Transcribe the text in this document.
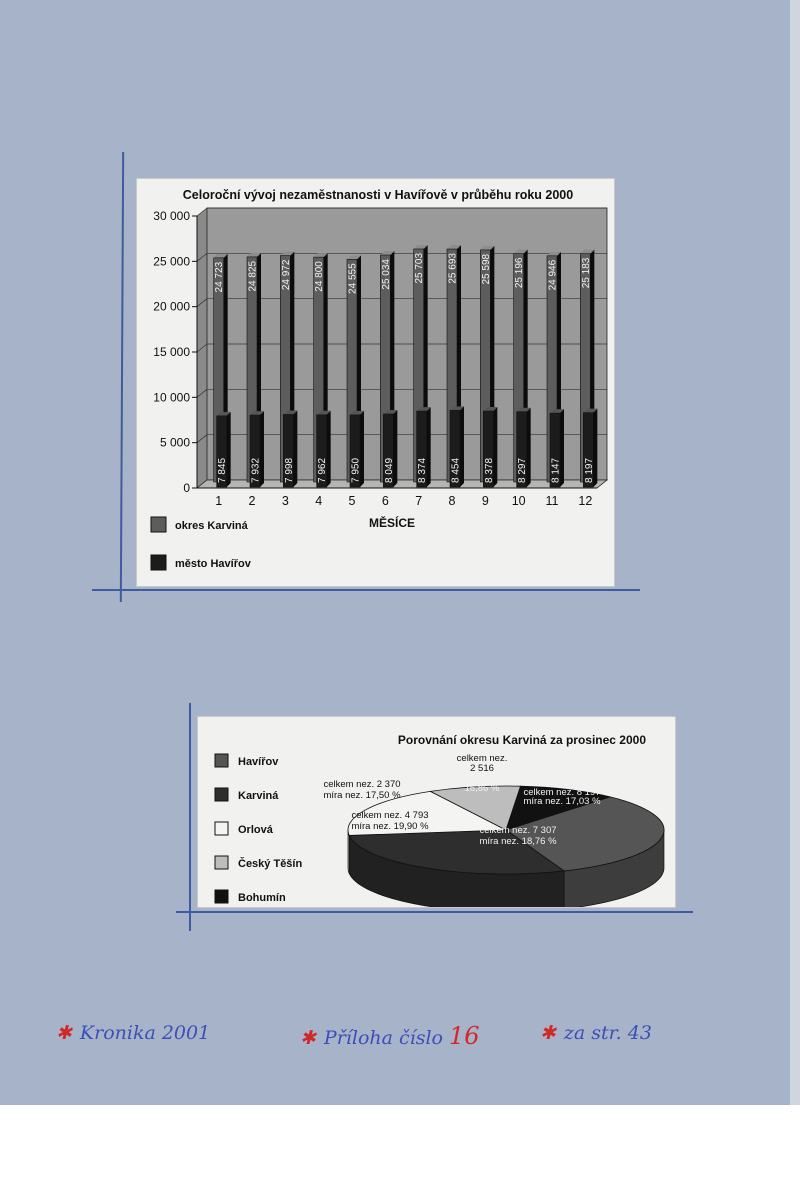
Celoroční vývoj nezaměstnanosti v Havířově v průběhu roku 2000
0
5 000
10 000
15 000
20 000
25 000
30 000
24 723
7 845
24 825
7 932
24 972
7 998
24 800
7 962
24 555
7 950
25 034
8 049
25 703
8 374
25 693
8 454
25 598
8 378
25 196
8 297
24 946
8 147
25 183
8 197
1 2 3 4 5 6 7 8 9 10 11 12
MĚSÍCE
okres Karviná
město Havířov
Porovnání okresu Karviná za prosinec 2000
Havířov
Karviná
Orlová
Český Těšín
Bohumín
celkem nez. 8 197
míra nez. 17,03 %
celkem nez. 7 307
míra nez. 18,76 %
celkem nez. 4 793
míra nez. 19,90 %
celkem nez. 2 370
míra nez. 17,50 %
celkem nez.
2 516
míra nez.
16,86 %
✱ Kronika 2001	✱ Příloha číslo 16	✱ za str. 43
